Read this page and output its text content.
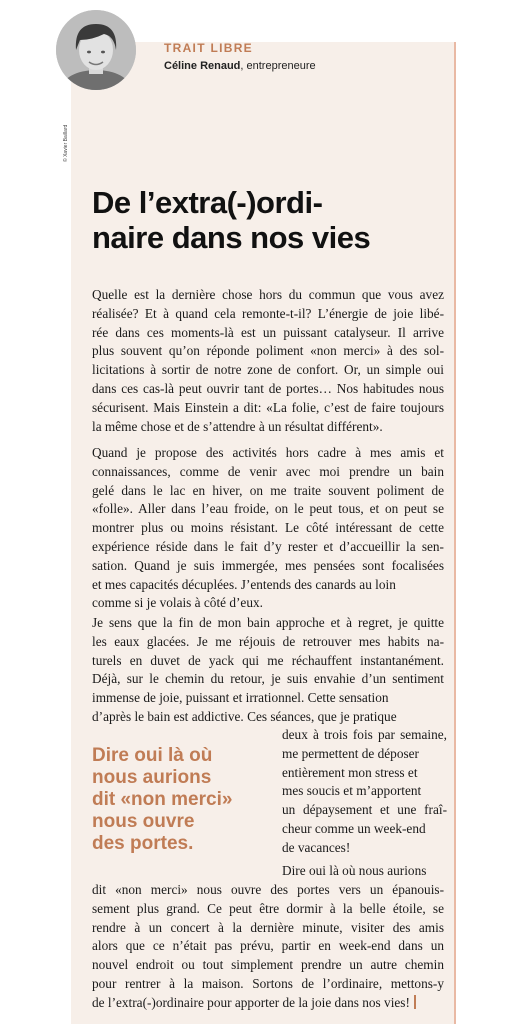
© Xavier Baillard
TRAIT LIBRE
Céline Renaud, entrepreneure
De l’extra(-)ordi-
naire dans nos vies
Quelle est la dernière chose hors du commun que vous avez
réalisée? Et à quand cela remonte-t-il? L’énergie de joie libé-
rée dans ces moments-là est un puissant catalyseur. Il arrive
plus souvent qu’on réponde poliment «non merci» à des sol-
licitations à sortir de notre zone de confort. Or, un simple oui
dans ces cas-là peut ouvrir tant de portes… Nos habitudes nous
sécurisent. Mais Einstein a dit: «La folie, c’est de faire toujours
la même chose et de s’attendre à un résultat différent».
Quand je propose des activités hors cadre à mes amis et
connaissances, comme de venir avec moi prendre un bain
gelé dans le lac en hiver, on me traite souvent poliment de
«folle». Aller dans l’eau froide, on le peut tous, et on peut se
montrer plus ou moins résistant. Le côté intéressant de cette
expérience réside dans le fait d’y rester et d’accueillir la sen-
sation. Quand je suis immergée, mes pensées sont focalisées
et mes capacités décuplées. J’entends des canards au loin
comme si je volais à côté d’eux.
Je sens que la fin de mon bain approche et à regret, je quitte
les eaux glacées. Je me réjouis de retrouver mes habits na-
turels en duvet de yack qui me réchauffent instantanément.
Déjà, sur le chemin du retour, je suis envahie d’un sentiment
immense de joie, puissant et irrationnel. Cette sensation
d’après le bain est addictive. Ces séances, que je pratique
deux à trois fois par semaine,
me permettent de déposer
entièrement mon stress et
mes soucis et m’apportent
un dépaysement et une fraî-
cheur comme un week-end
de vacances!
Dire oui là où
nous aurions
dit «non merci»
nous ouvre
des portes.
Dire oui là où nous aurions
dit «non merci» nous ouvre des portes vers un épanouis-
sement plus grand. Ce peut être dormir à la belle étoile, se
rendre à un concert à la dernière minute, visiter des amis
alors que ce n’était pas prévu, partir en week-end dans un
nouvel endroit ou tout simplement prendre un autre chemin
pour rentrer à la maison. Sortons de l’ordinaire, mettons-y
de l’extra(-)ordinaire pour apporter de la joie dans nos vies!
